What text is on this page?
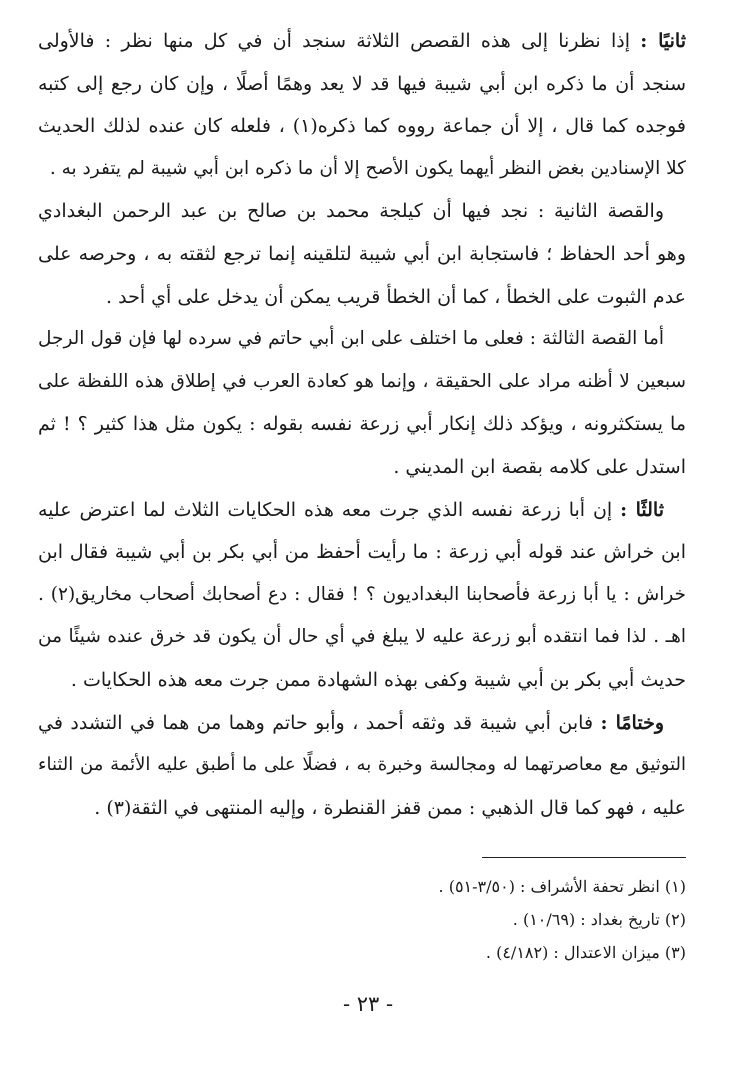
ثانيًا : إذا نظرنا إلى هذه القصص الثلاثة سنجد أن في كل منها نظر : فالأولى
سنجد أن ما ذكره ابن أبي شيبة فيها قد لا يعد وهمًا أصلًا ، وإن كان رجع إلى كتبه
فوجده كما قال ، إلا أن جماعة رووه كما ذكره(١) ، فلعله كان عنده لذلك الحديث
كلا الإسنادين بغض النظر أيهما يكون الأصح إلا أن ما ذكره ابن أبي شيبة لم يتفرد به .
والقصة الثانية : نجد فيها أن كيلجة محمد بن صالح بن عبد الرحمن البغدادي
وهو أحد الحفاظ ؛ فاستجابة ابن أبي شيبة لتلقينه إنما ترجع لثقته به ، وحرصه على
عدم الثبوت على الخطأ ، كما أن الخطأ قريب يمكن أن يدخل على أي أحد .
أما القصة الثالثة : فعلى ما اختلف على ابن أبي حاتم في سرده لها فإن قول الرجل
سبعين لا أظنه مراد على الحقيقة ، وإنما هو كعادة العرب في إطلاق هذه اللفظة على
ما يستكثرونه ، ويؤكد ذلك إنكار أبي زرعة نفسه بقوله : يكون مثل هذا كثير ؟ ! ثم
استدل على كلامه بقصة ابن المديني .
ثالثًا : إن أبا زرعة نفسه الذي جرت معه هذه الحكايات الثلاث لما اعترض عليه
ابن خراش عند قوله أبي زرعة : ما رأيت أحفظ من أبي بكر بن أبي شيبة فقال ابن
خراش : يا أبا زرعة فأصحابنا البغداديون ؟ ! فقال : دع أصحابك أصحاب مخاريق(٢) .
اهـ . لذا فما انتقده أبو زرعة عليه لا يبلغ في أي حال أن يكون قد خرق عنده شيئًا من
حديث أبي بكر بن أبي شيبة وكفى بهذه الشهادة ممن جرت معه هذه الحكايات .
وختامًا : فابن أبي شيبة قد وثقه أحمد ، وأبو حاتم وهما من هما في التشدد في
التوثيق مع معاصرتهما له ومجالسة وخبرة به ، فضلًا على ما أطبق عليه الأئمة من الثناء
عليه ، فهو كما قال الذهبي : ممن قفز القنطرة ، وإليه المنتهى في الثقة(٣) .
(١) انظر تحفة الأشراف : (٣/٥٠-٥١) .
(٢) تاريخ بغداد : (١٠/٦٩) .
(٣) ميزان الاعتدال : (٤/١٨٢) .
- ٢٣ -
